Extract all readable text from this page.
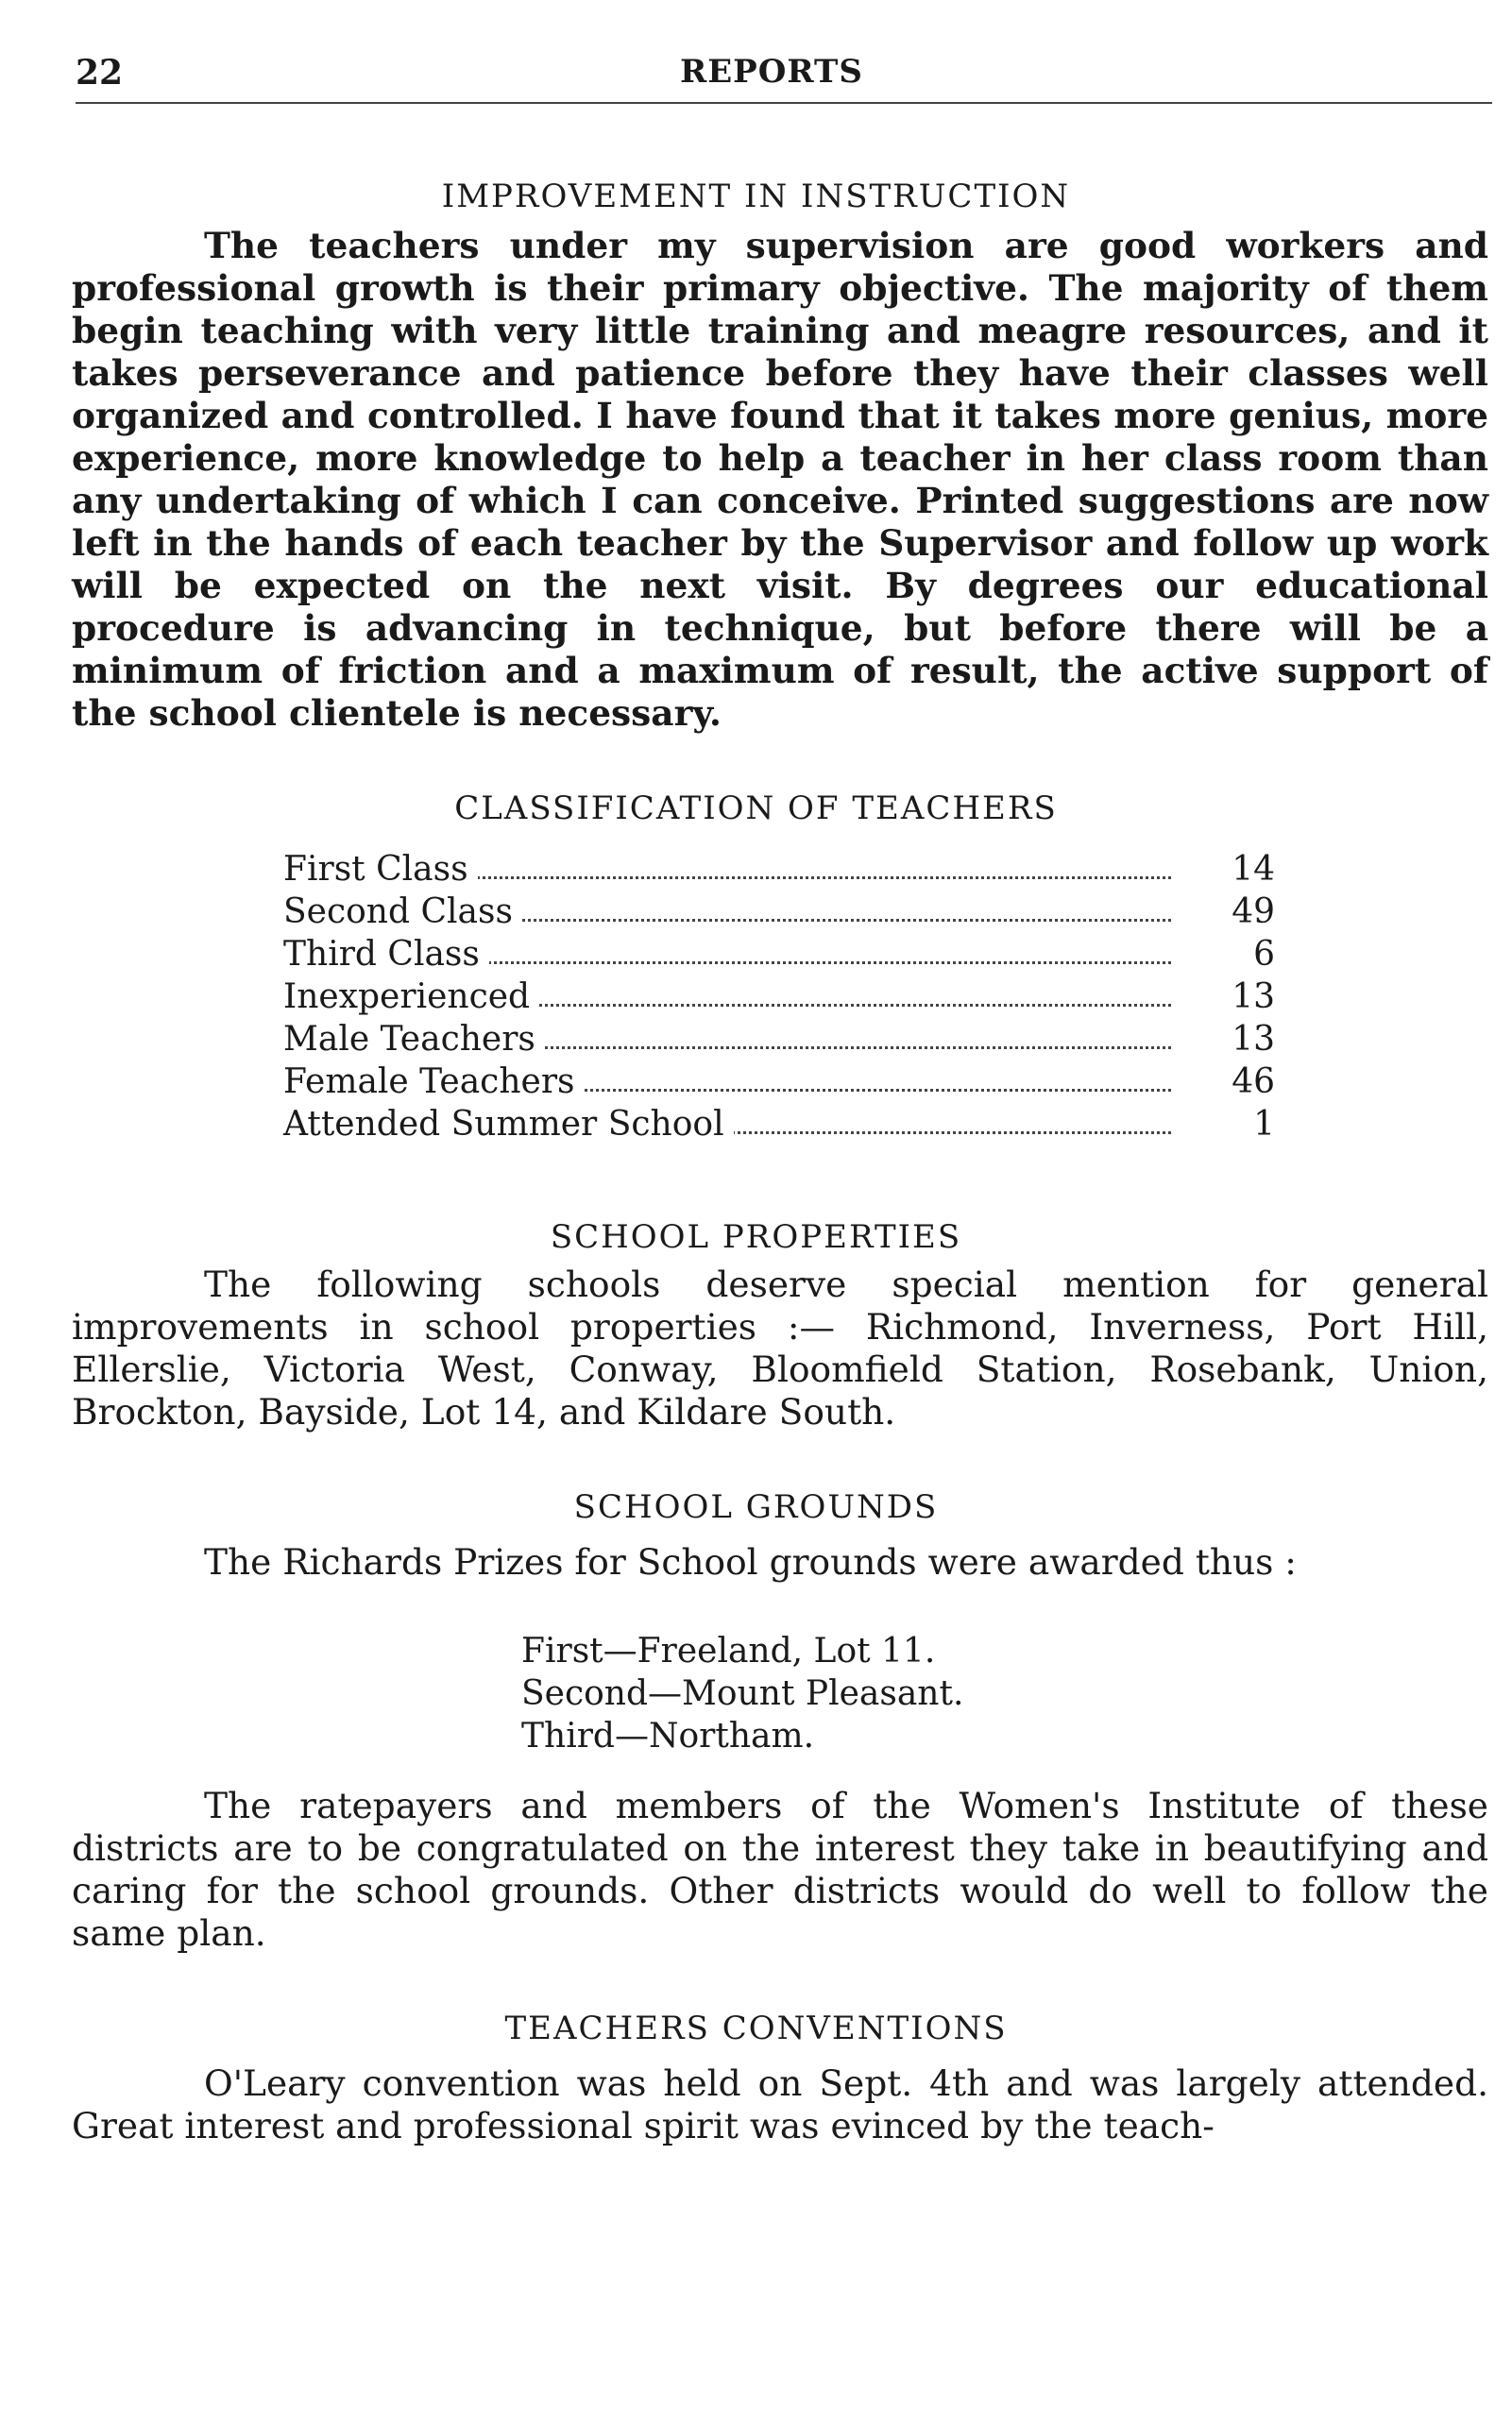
22	REPORTS
IMPROVEMENT IN INSTRUCTION

The teachers under my supervision are good workers and professional growth is their primary objective. The majority of them begin teaching with very little training and meagre resources, and it takes perseverance and patience before they have their classes well organized and controlled. I have found that it takes more genius, more experience, more knowledge to help a teacher in her class room than any undertaking of which I can conceive. Printed suggestions are now left in the hands of each teacher by the Supervisor and follow up work will be expected on the next visit. By degrees our educational procedure is advancing in technique, but before there will be a minimum of friction and a maximum of result, the active support of the school clientele is necessary.

CLASSIFICATION OF TEACHERS
First Class	14
Second Class	49
Third Class	6
Inexperienced	13
Male Teachers	13
Female Teachers	46
Attended Summer School	1
SCHOOL PROPERTIES

The following schools deserve special mention for general improvements in school properties :— Richmond, Inverness, Port Hill, Ellerslie, Victoria West, Conway, Bloomfield Station, Rosebank, Union, Brockton, Bayside, Lot 14, and Kildare South.

SCHOOL GROUNDS

The Richards Prizes for School grounds were awarded thus :

First—Freeland, Lot 11.
Second—Mount Pleasant.
Third—Northam.

The ratepayers and members of the Women's Institute of these districts are to be congratulated on the interest they take in beautifying and caring for the school grounds. Other districts would do well to follow the same plan.

TEACHERS CONVENTIONS

O'Leary convention was held on Sept. 4th and was largely attended. Great interest and professional spirit was evinced by the teach-
